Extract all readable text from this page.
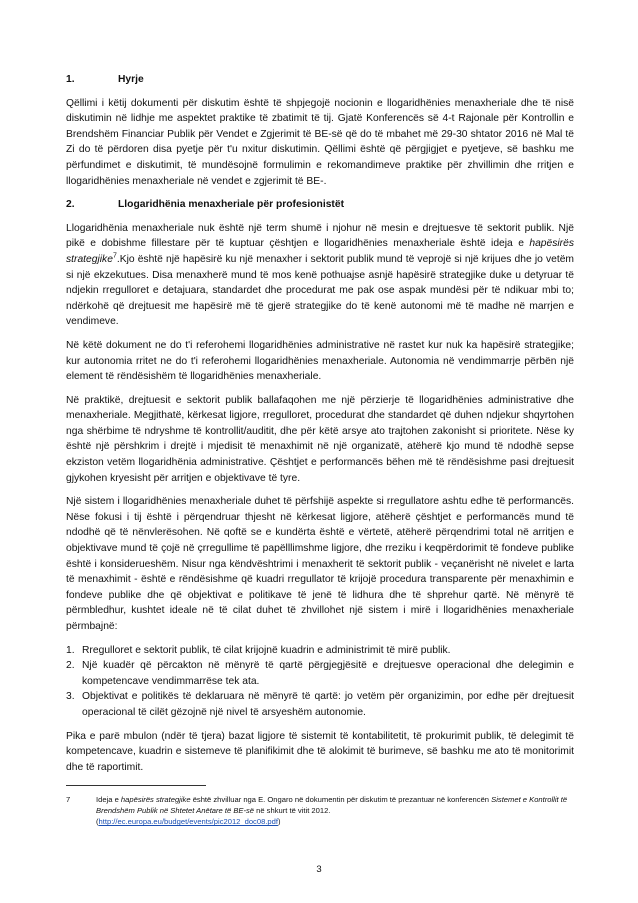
1.	Hyrje

Qëllimi i këtij dokumenti për diskutim është të shpjegojë nocionin e llogaridhënies menaxheriale dhe të nisë diskutimin në lidhje me aspektet praktike të zbatimit të tij. Gjatë Konferencës së 4-t Rajonale për Kontrollin e Brendshëm Financiar Publik për Vendet e Zgjerimit të BE-së që do të mbahet më 29-30 shtator 2016 në Mal të Zi do të përdoren disa pyetje për t'u nxitur diskutimin. Qëllimi është që përgjigjet e pyetjeve, së bashku me përfundimet e diskutimit, të mundësojnë formulimin e rekomandimeve praktike për zhvillimin dhe rritjen e llogaridhënies menaxheriale në vendet e zgjerimit të BE-.

2.	Llogaridhënia menaxheriale për profesionistët

Llogaridhënia menaxheriale nuk është një term shumë i njohur në mesin e drejtuesve të sektorit publik. Një pikë e dobishme fillestare për të kuptuar çështjen e llogaridhënies menaxheriale është ideja e hapësirës strategjike$^7$.Kjo është një hapësirë ku një menaxher i sektorit publik mund të veprojë si një krijues dhe jo vetëm si një ekzekutues. Disa menaxherë mund të mos kenë pothuajse asnjë hapësirë strategjike duke u detyruar të ndjekin rregulloret e detajuara, standardet dhe procedurat me pak ose aspak mundësi për të ndikuar mbi to; ndërkohë që drejtuesit me hapësirë më të gjerë strategjike do të kenë autonomi më të madhe në marrjen e vendimeve.

Në këtë dokument ne do t'i referohemi llogaridhënies administrative në rastet kur nuk ka hapësirë strategjike; kur autonomia rritet ne do t'i referohemi llogaridhënies menaxheriale. Autonomia në vendimmarrje përbën një element të rëndësishëm të llogaridhënies menaxheriale.

Në praktikë, drejtuesit e sektorit publik ballafaqohen me një përzierje të llogaridhënies administrative dhe menaxheriale. Megjithatë, kërkesat ligjore, rregulloret, procedurat dhe standardet që duhen ndjekur shqyrtohen nga shërbime të ndryshme të kontrollit/auditit, dhe për këtë arsye ato trajtohen zakonisht si prioritete. Nëse ky është një përshkrim i drejtë i mjedisit të menaxhimit në një organizatë, atëherë kjo mund të ndodhë sepse ekziston vetëm llogaridhënia administrative. Çështjet e performancës bëhen më të rëndësishme pasi drejtuesit gjykohen kryesisht për arritjen e objektivave të tyre.

Një sistem i llogaridhënies menaxheriale duhet të përfshijë aspekte si rregullatore ashtu edhe të performancës. Nëse fokusi i tij është i përqendruar thjesht në kërkesat ligjore, atëherë çështjet e performancës mund të ndodhë që të nënvlerësohen. Në qoftë se e kundërta është e vërtetë, atëherë përqendrimi total në arritjen e objektivave mund të çojë në çrregullime të papëlllimshme ligjore, dhe rreziku i keqpërdorimit të fondeve publike është i konsiderueshëm. Nisur nga këndvështrimi i menaxherit të sektorit publik - veçanërisht në nivelet e larta të menaxhimit - është e rëndësishme që kuadri rregullator të krijojë procedura transparente për menaxhimin e fondeve publike dhe që objektivat e politikave të jenë të lidhura dhe të shprehur qartë. Në mënyrë të përmbledhur, kushtet ideale në të cilat duhet të zhvillohet një sistem i mirë i llogaridhënies menaxheriale përmbajnë:

1. Rregulloret e sektorit publik, të cilat krijojnë kuadrin e administrimit të mirë publik.
2. Një kuadër që përcakton në mënyrë të qartë përgjegjësitë e drejtuesve operacional dhe delegimin e kompetencave vendimmarrëse tek ata.
3. Objektivat e politikës të deklaruara në mënyrë të qartë: jo vetëm për organizimin, por edhe për drejtuesit operacional të cilët gëzojnë një nivel të arsyeshëm autonomie.

Pika e parë mbulon (ndër të tjera) bazat ligjore të sistemit të kontabilitetit, të prokurimit publik, të delegimit të kompetencave, kuadrin e sistemeve të planifikimit dhe të alokimit të burimeve, së bashku me ato të monitorimit dhe të raportimit.

7	Ideja e hapësirës strategjike është zhvilluar nga E. Ongaro në dokumentin për diskutim të prezantuar në konferencën Sistemet e Kontrollit të Brendshëm Publik në Shtetet Anëtare të BE-së në shkurt të vitit 2012.
(http://ec.europa.eu/budget/events/pic2012_doc08.pdf)
3
